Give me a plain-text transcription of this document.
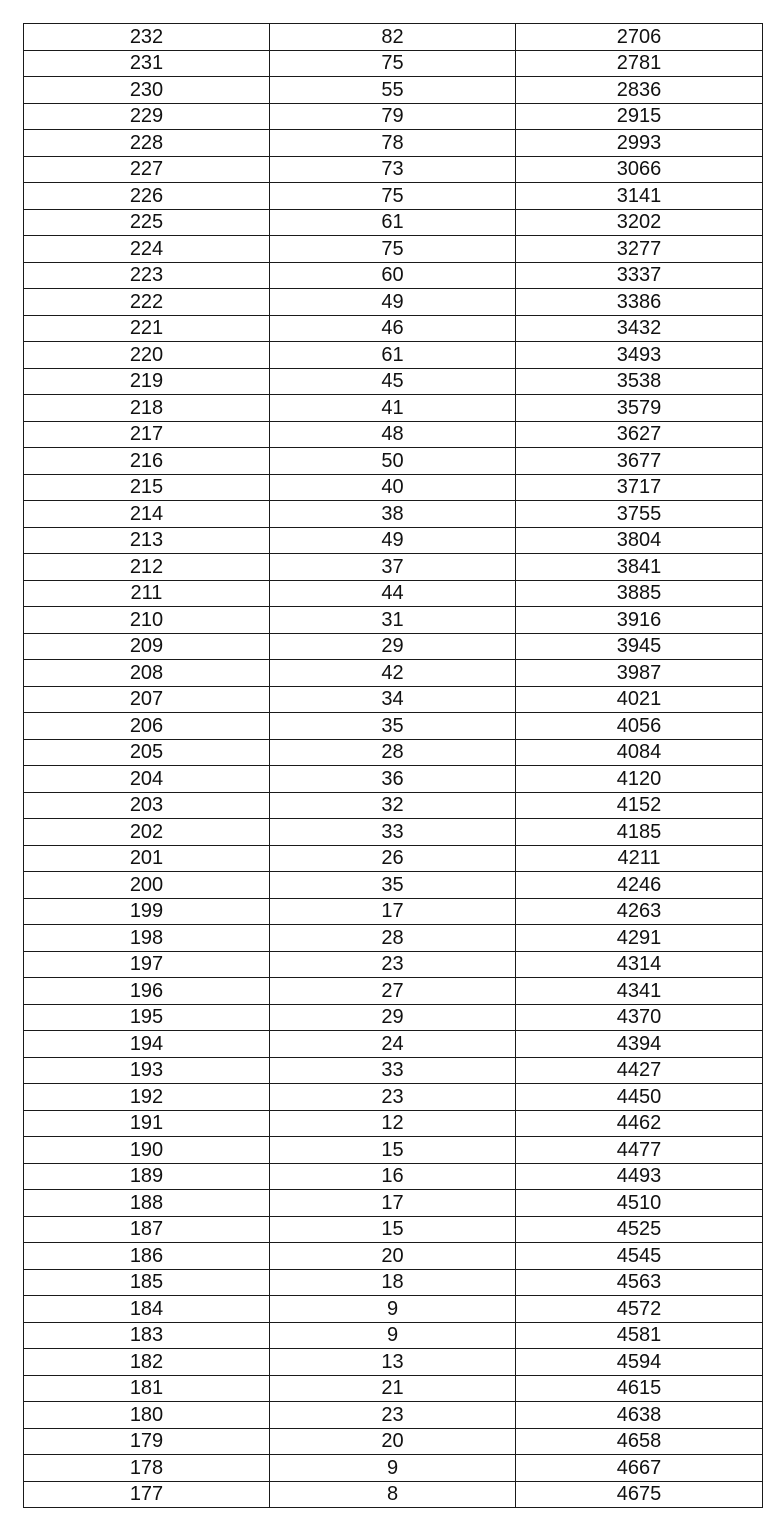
232	82	2706
231	75	2781
230	55	2836
229	79	2915
228	78	2993
227	73	3066
226	75	3141
225	61	3202
224	75	3277
223	60	3337
222	49	3386
221	46	3432
220	61	3493
219	45	3538
218	41	3579
217	48	3627
216	50	3677
215	40	3717
214	38	3755
213	49	3804
212	37	3841
211	44	3885
210	31	3916
209	29	3945
208	42	3987
207	34	4021
206	35	4056
205	28	4084
204	36	4120
203	32	4152
202	33	4185
201	26	4211
200	35	4246
199	17	4263
198	28	4291
197	23	4314
196	27	4341
195	29	4370
194	24	4394
193	33	4427
192	23	4450
191	12	4462
190	15	4477
189	16	4493
188	17	4510
187	15	4525
186	20	4545
185	18	4563
184	9	4572
183	9	4581
182	13	4594
181	21	4615
180	23	4638
179	20	4658
178	9	4667
177	8	4675
